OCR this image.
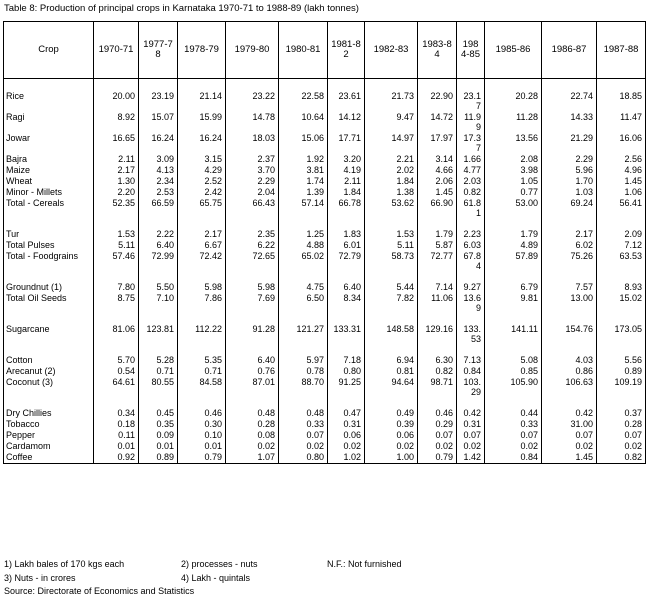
Table 8: Production of principal crops in Karnataka 1970-71 to 1988-89 (lakh tonnes)
Crop	1970-71	1977-78	1978-79	1979-80	1980-81	1981-82	1982-83	1983-84	1984-85	1985-86	1986-87	1987-88

Rice	20.00	23.19	21.14	23.22	22.58	23.61	21.73	22.90	23.17	20.28	22.74	18.85
Ragi	8.92	15.07	15.99	14.78	10.64	14.12	9.47	14.72	11.99	11.28	14.33	11.47
Jowar	16.65	16.24	16.24	18.03	15.06	17.71	14.97	17.97	17.37	13.56	21.29	16.06
Bajra	2.11	3.09	3.15	2.37	1.92	3.20	2.21	3.14	1.66	2.08	2.29	2.56
Maize	2.17	4.13	4.29	3.70	3.81	4.19	2.02	4.66	4.77	3.98	5.96	4.96
Wheat	1.30	2.34	2.52	2.29	1.74	2.11	1.84	2.06	2.03	1.05	1.70	1.45
Minor - Millets	2.20	2.53	2.42	2.04	1.39	1.84	1.38	1.45	0.82	0.77	1.03	1.06
Total - Cereals	52.35	66.59	65.75	66.43	57.14	66.78	53.62	66.90	61.81	53.00	69.24	56.41

Tur	1.53	2.22	2.17	2.35	1.25	1.83	1.53	1.79	2.23	1.79	2.17	2.09
Total Pulses	5.11	6.40	6.67	6.22	4.88	6.01	5.11	5.87	6.03	4.89	6.02	7.12
Total - Foodgrains	57.46	72.99	72.42	72.65	65.02	72.79	58.73	72.77	67.84	57.89	75.26	63.53

Groundnut (1)	7.80	5.50	5.98	5.98	4.75	6.40	5.44	7.14	9.27	6.79	7.57	8.93
Total Oil Seeds	8.75	7.10	7.86	7.69	6.50	8.34	7.82	11.06	13.69	9.81	13.00	15.02

Sugarcane	81.06	123.81	112.22	91.28	121.27	133.31	148.58	129.16	133.53	141.11	154.76	173.05

Cotton	5.70	5.28	5.35	6.40	5.97	7.18	6.94	6.30	7.13	5.08	4.03	5.56
Arecanut (2)	0.54	0.71	0.71	0.76	0.78	0.80	0.81	0.82	0.84	0.85	0.86	0.89
Coconut (3)	64.61	80.55	84.58	87.01	88.70	91.25	94.64	98.71	103.29	105.90	106.63	109.19

Dry Chillies	0.34	0.45	0.46	0.48	0.48	0.47	0.49	0.46	0.42	0.44	0.42	0.37
Tobacco	0.18	0.35	0.30	0.28	0.33	0.31	0.39	0.29	0.31	0.33	31.00	0.28
Pepper	0.11	0.09	0.10	0.08	0.07	0.06	0.06	0.07	0.07	0.07	0.07	0.07
Cardamom	0.01	0.01	0.01	0.02	0.02	0.02	0.02	0.02	0.02	0.02	0.02	0.02
Coffee	0.92	0.89	0.79	1.07	0.80	1.02	1.00	0.79	1.42	0.84	1.45	0.82
1) Lakh bales of 170 kgs each	2) processes - nuts	N.F.: Not furnished
3) Nuts - in crores	4) Lakh - quintals
Source: Directorate of Economics and Statistics
